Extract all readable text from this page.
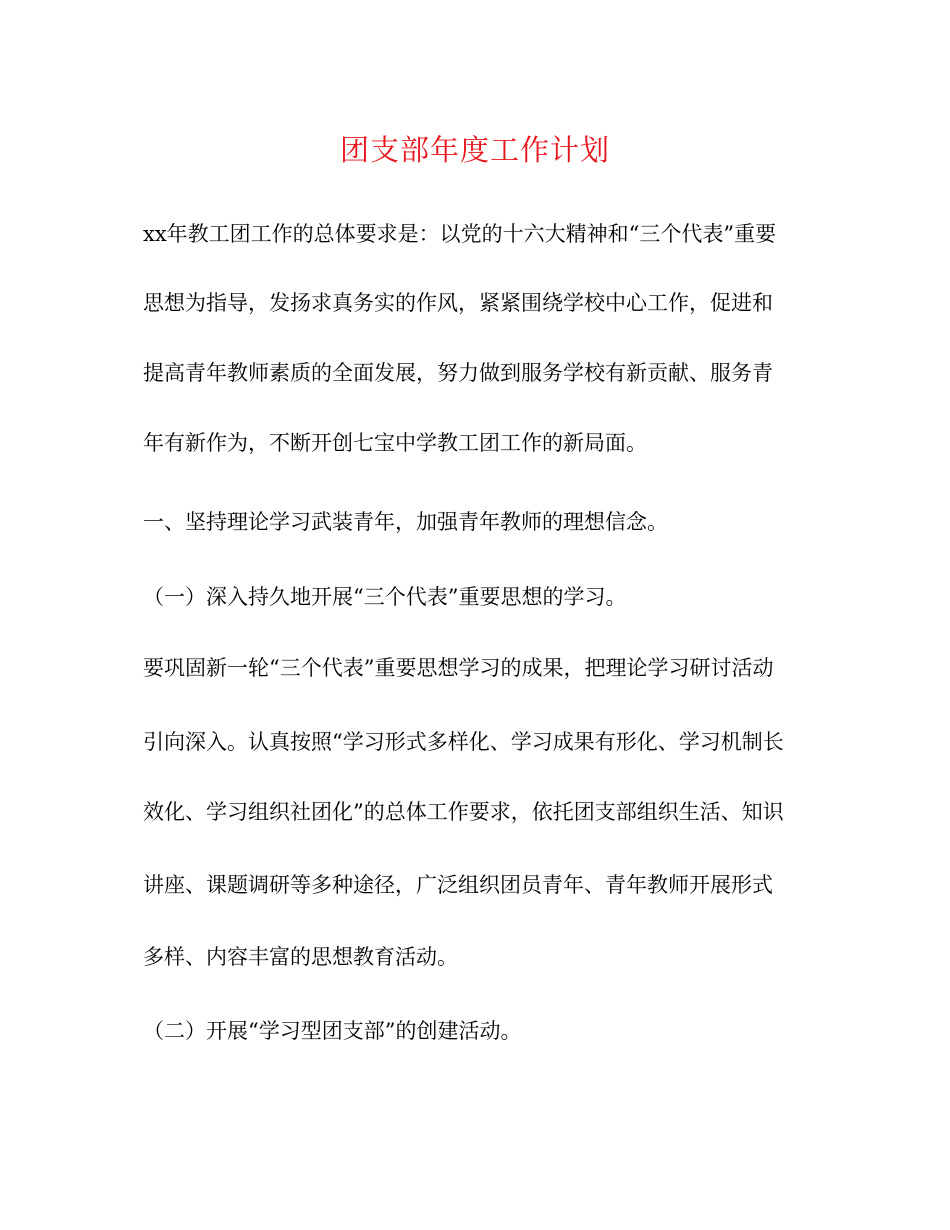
团支部年度工作计划

xx年教工团工作的总体要求是：以党的十六大精神和“三个代表”重要

思想为指导，发扬求真务实的作风，紧紧围绕学校中心工作，促进和

提高青年教师素质的全面发展，努力做到服务学校有新贡献、服务青

年有新作为，不断开创七宝中学教工团工作的新局面。

一、坚持理论学习武装青年，加强青年教师的理想信念。

（一）深入持久地开展“三个代表”重要思想的学习。

要巩固新一轮“三个代表”重要思想学习的成果，把理论学习研讨活动

引向深入。认真按照“学习形式多样化、学习成果有形化、学习机制长

效化、学习组织社团化”的总体工作要求，依托团支部组织生活、知识

讲座、课题调研等多种途径，广泛组织团员青年、青年教师开展形式

多样、内容丰富的思想教育活动。

（二）开展“学习型团支部”的创建活动。
